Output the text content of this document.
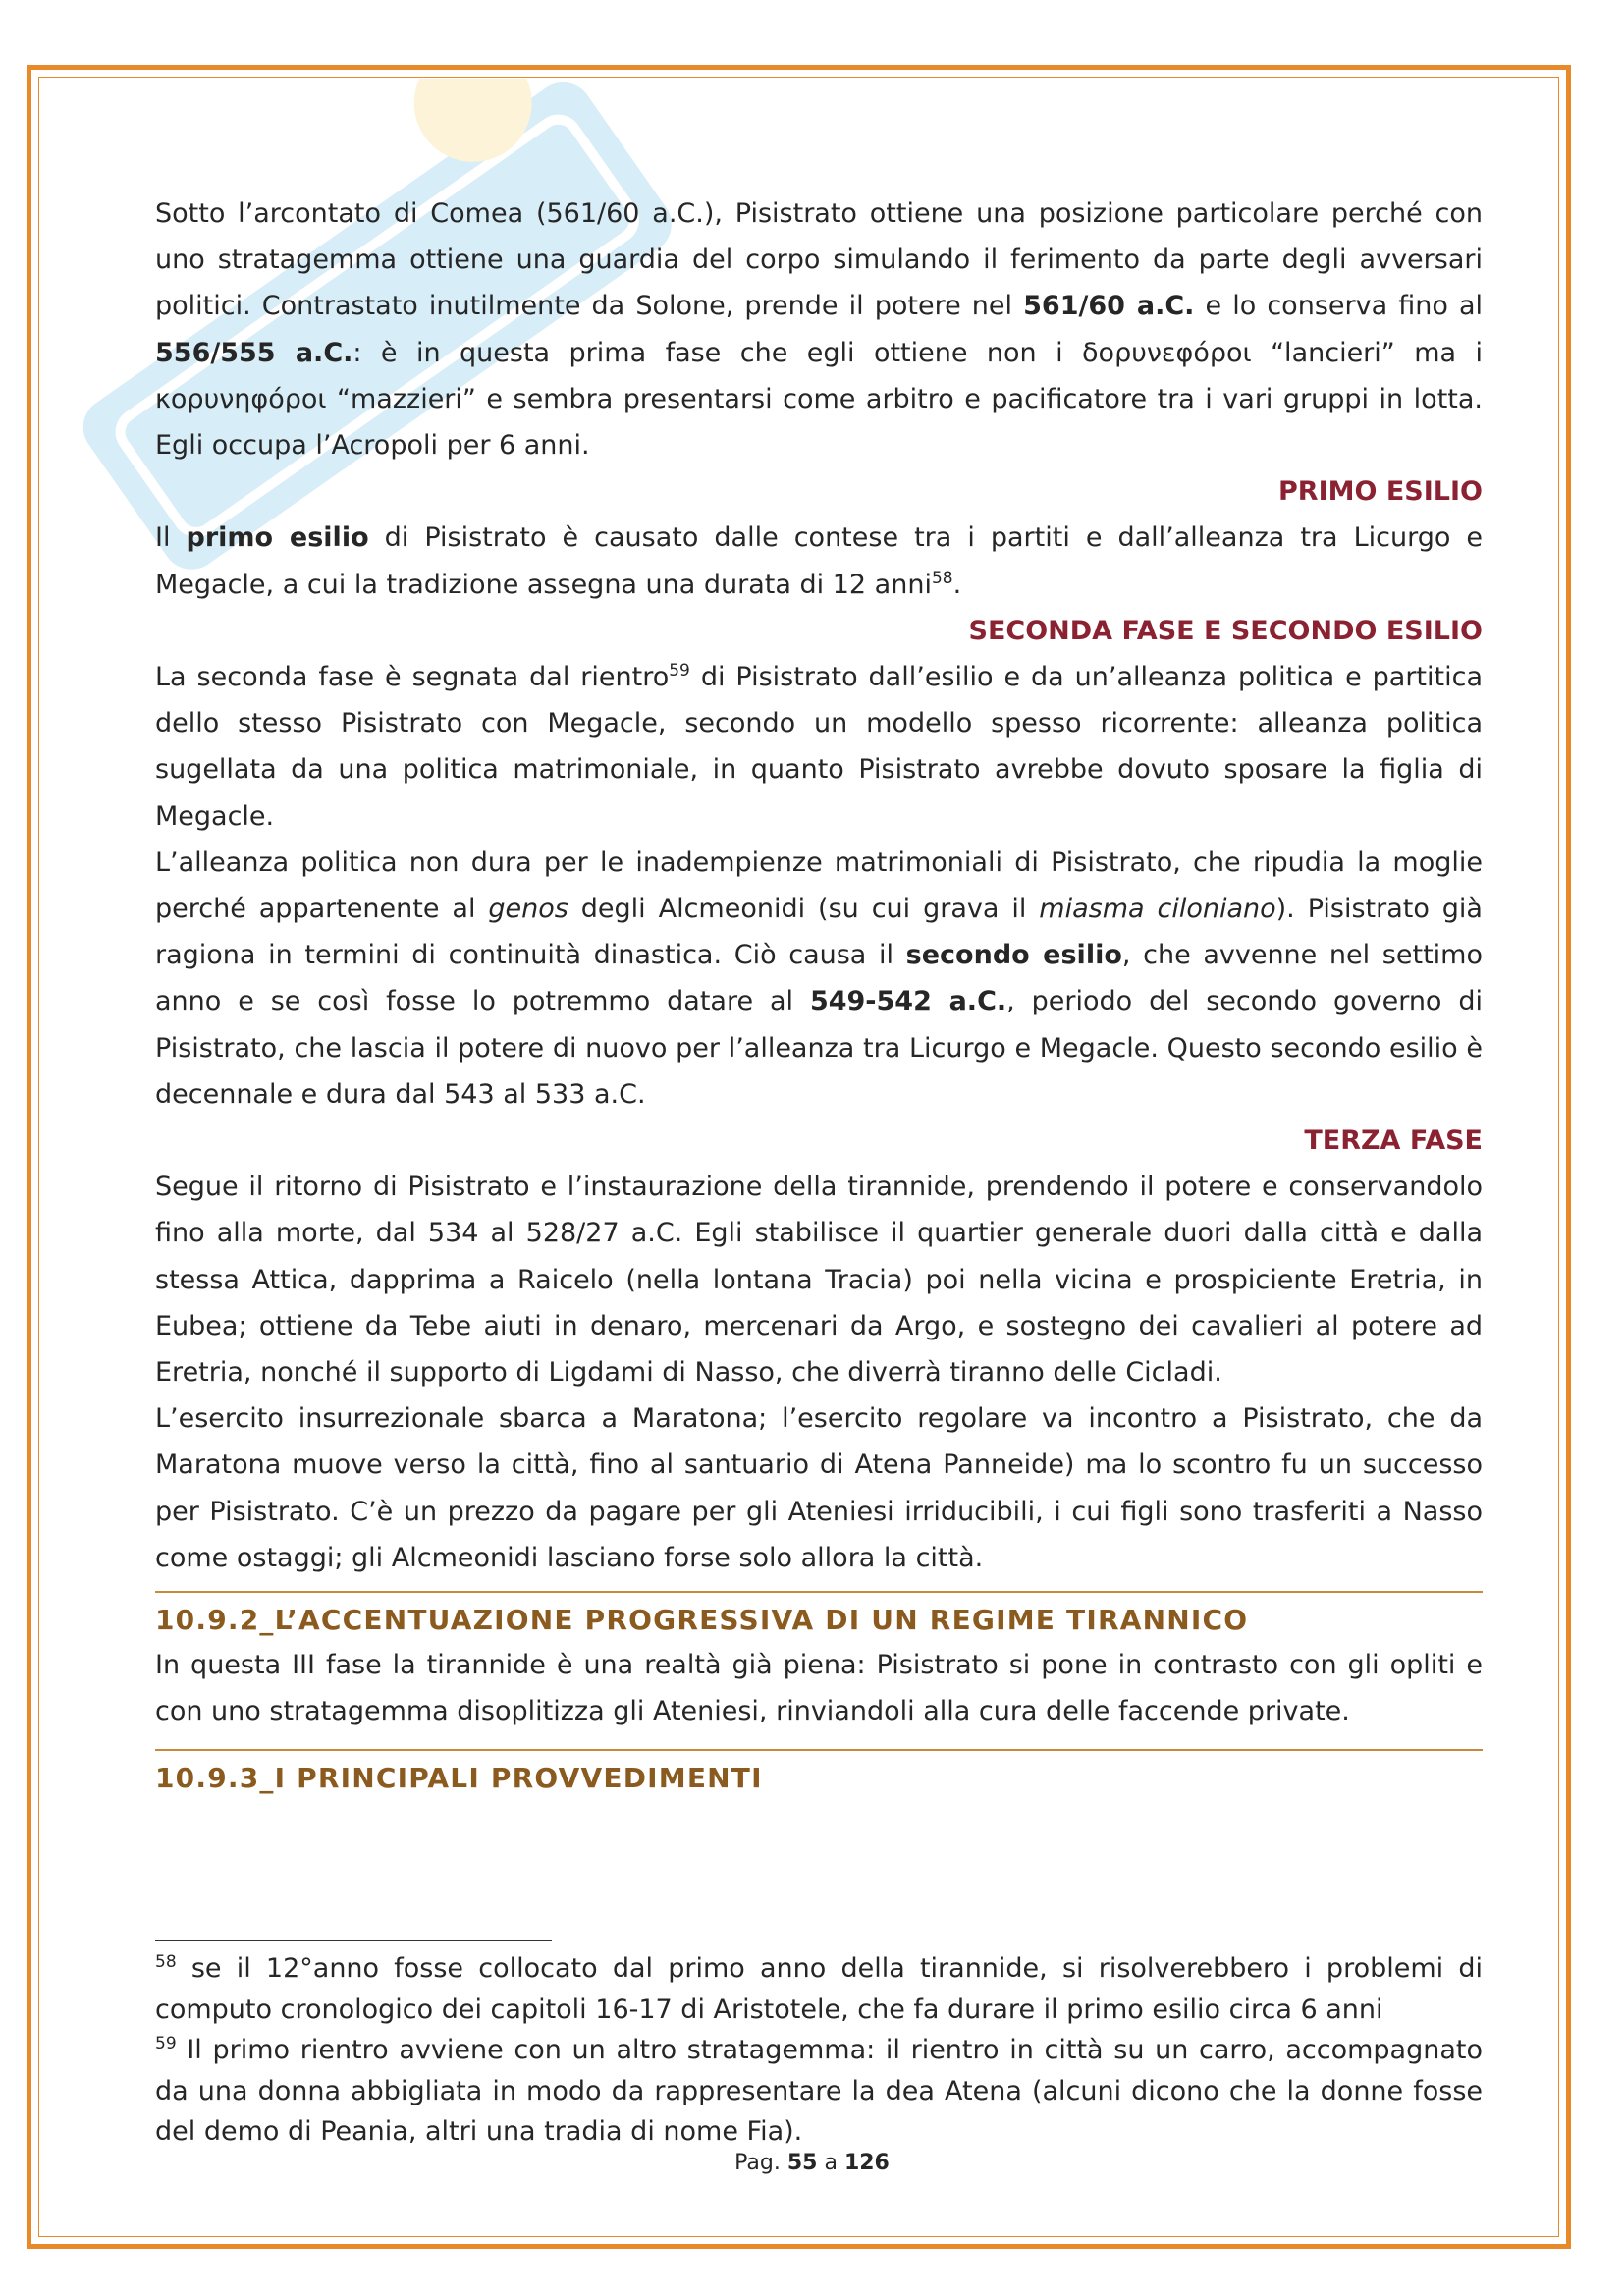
Sotto l’arcontato di Comea (561/60 a.C.), Pisistrato ottiene una posizione particolare perché con uno stratagemma ottiene una guardia del corpo simulando il ferimento da parte degli avversari politici. Contrastato inutilmente da Solone, prende il potere nel 561/60 a.C. e lo conserva fino al 556/555 a.C.: è in questa prima fase che egli ottiene non i δορυνεφόροι “lancieri” ma i κορυνηφόροι “mazzieri” e sembra presentarsi come arbitro e pacificatore tra i vari gruppi in lotta. Egli occupa l’Acropoli per 6 anni.

PRIMO ESILIO

Il primo esilio di Pisistrato è causato dalle contese tra i partiti e dall’alleanza tra Licurgo e Megacle, a cui la tradizione assegna una durata di 12 anni$^{58}$.

SECONDA FASE E SECONDO ESILIO

La seconda fase è segnata dal rientro$^{59}$ di Pisistrato dall’esilio e da un’alleanza politica e partitica dello stesso Pisistrato con Megacle, secondo un modello spesso ricorrente: alleanza politica sugellata da una politica matrimoniale, in quanto Pisistrato avrebbe dovuto sposare la figlia di Megacle.

L’alleanza politica non dura per le inadempienze matrimoniali di Pisistrato, che ripudia la moglie perché appartenente al genos degli Alcmeonidi (su cui grava il miasma ciloniano). Pisistrato già ragiona in termini di continuità dinastica. Ciò causa il secondo esilio, che avvenne nel settimo anno e se così fosse lo potremmo datare al 549-542 a.C., periodo del secondo governo di Pisistrato, che lascia il potere di nuovo per l’alleanza tra Licurgo e Megacle. Questo secondo esilio è decennale e dura dal 543 al 533 a.C.

TERZA FASE

Segue il ritorno di Pisistrato e l’instaurazione della tirannide, prendendo il potere e conservandolo fino alla morte, dal 534 al 528/27 a.C. Egli stabilisce il quartier generale duori dalla città e dalla stessa Attica, dapprima a Raicelo (nella lontana Tracia) poi nella vicina e prospiciente Eretria, in Eubea; ottiene da Tebe aiuti in denaro, mercenari da Argo, e sostegno dei cavalieri al potere ad Eretria, nonché il supporto di Ligdami di Nasso, che diverrà tiranno delle Cicladi.

L’esercito insurrezionale sbarca a Maratona; l’esercito regolare va incontro a Pisistrato, che da Maratona muove verso la città, fino al santuario di Atena Panneide) ma lo scontro fu un successo per Pisistrato. C’è un prezzo da pagare per gli Ateniesi irriducibili, i cui figli sono trasferiti a Nasso come ostaggi; gli Alcmeonidi lasciano forse solo allora la città.

10.9.2_L’ACCENTUAZIONE PROGRESSIVA DI UN REGIME TIRANNICO

In questa III fase la tirannide è una realtà già piena: Pisistrato si pone in contrasto con gli opliti e con uno stratagemma disoplitizza gli Ateniesi, rinviandoli alla cura delle faccende private.

10.9.3_I PRINCIPALI PROVVEDIMENTI

$^{58}$ se il 12°anno fosse collocato dal primo anno della tirannide, si risolverebbero i problemi di computo cronologico dei capitoli 16-17 di Aristotele, che fa durare il primo esilio circa 6 anni

$^{59}$ Il primo rientro avviene con un altro stratagemma: il rientro in città su un carro, accompagnato da una donna abbigliata in modo da rappresentare la dea Atena (alcuni dicono che la donne fosse del demo di Peania, altri una tradia di nome Fia).

Pag. 55 a 126
